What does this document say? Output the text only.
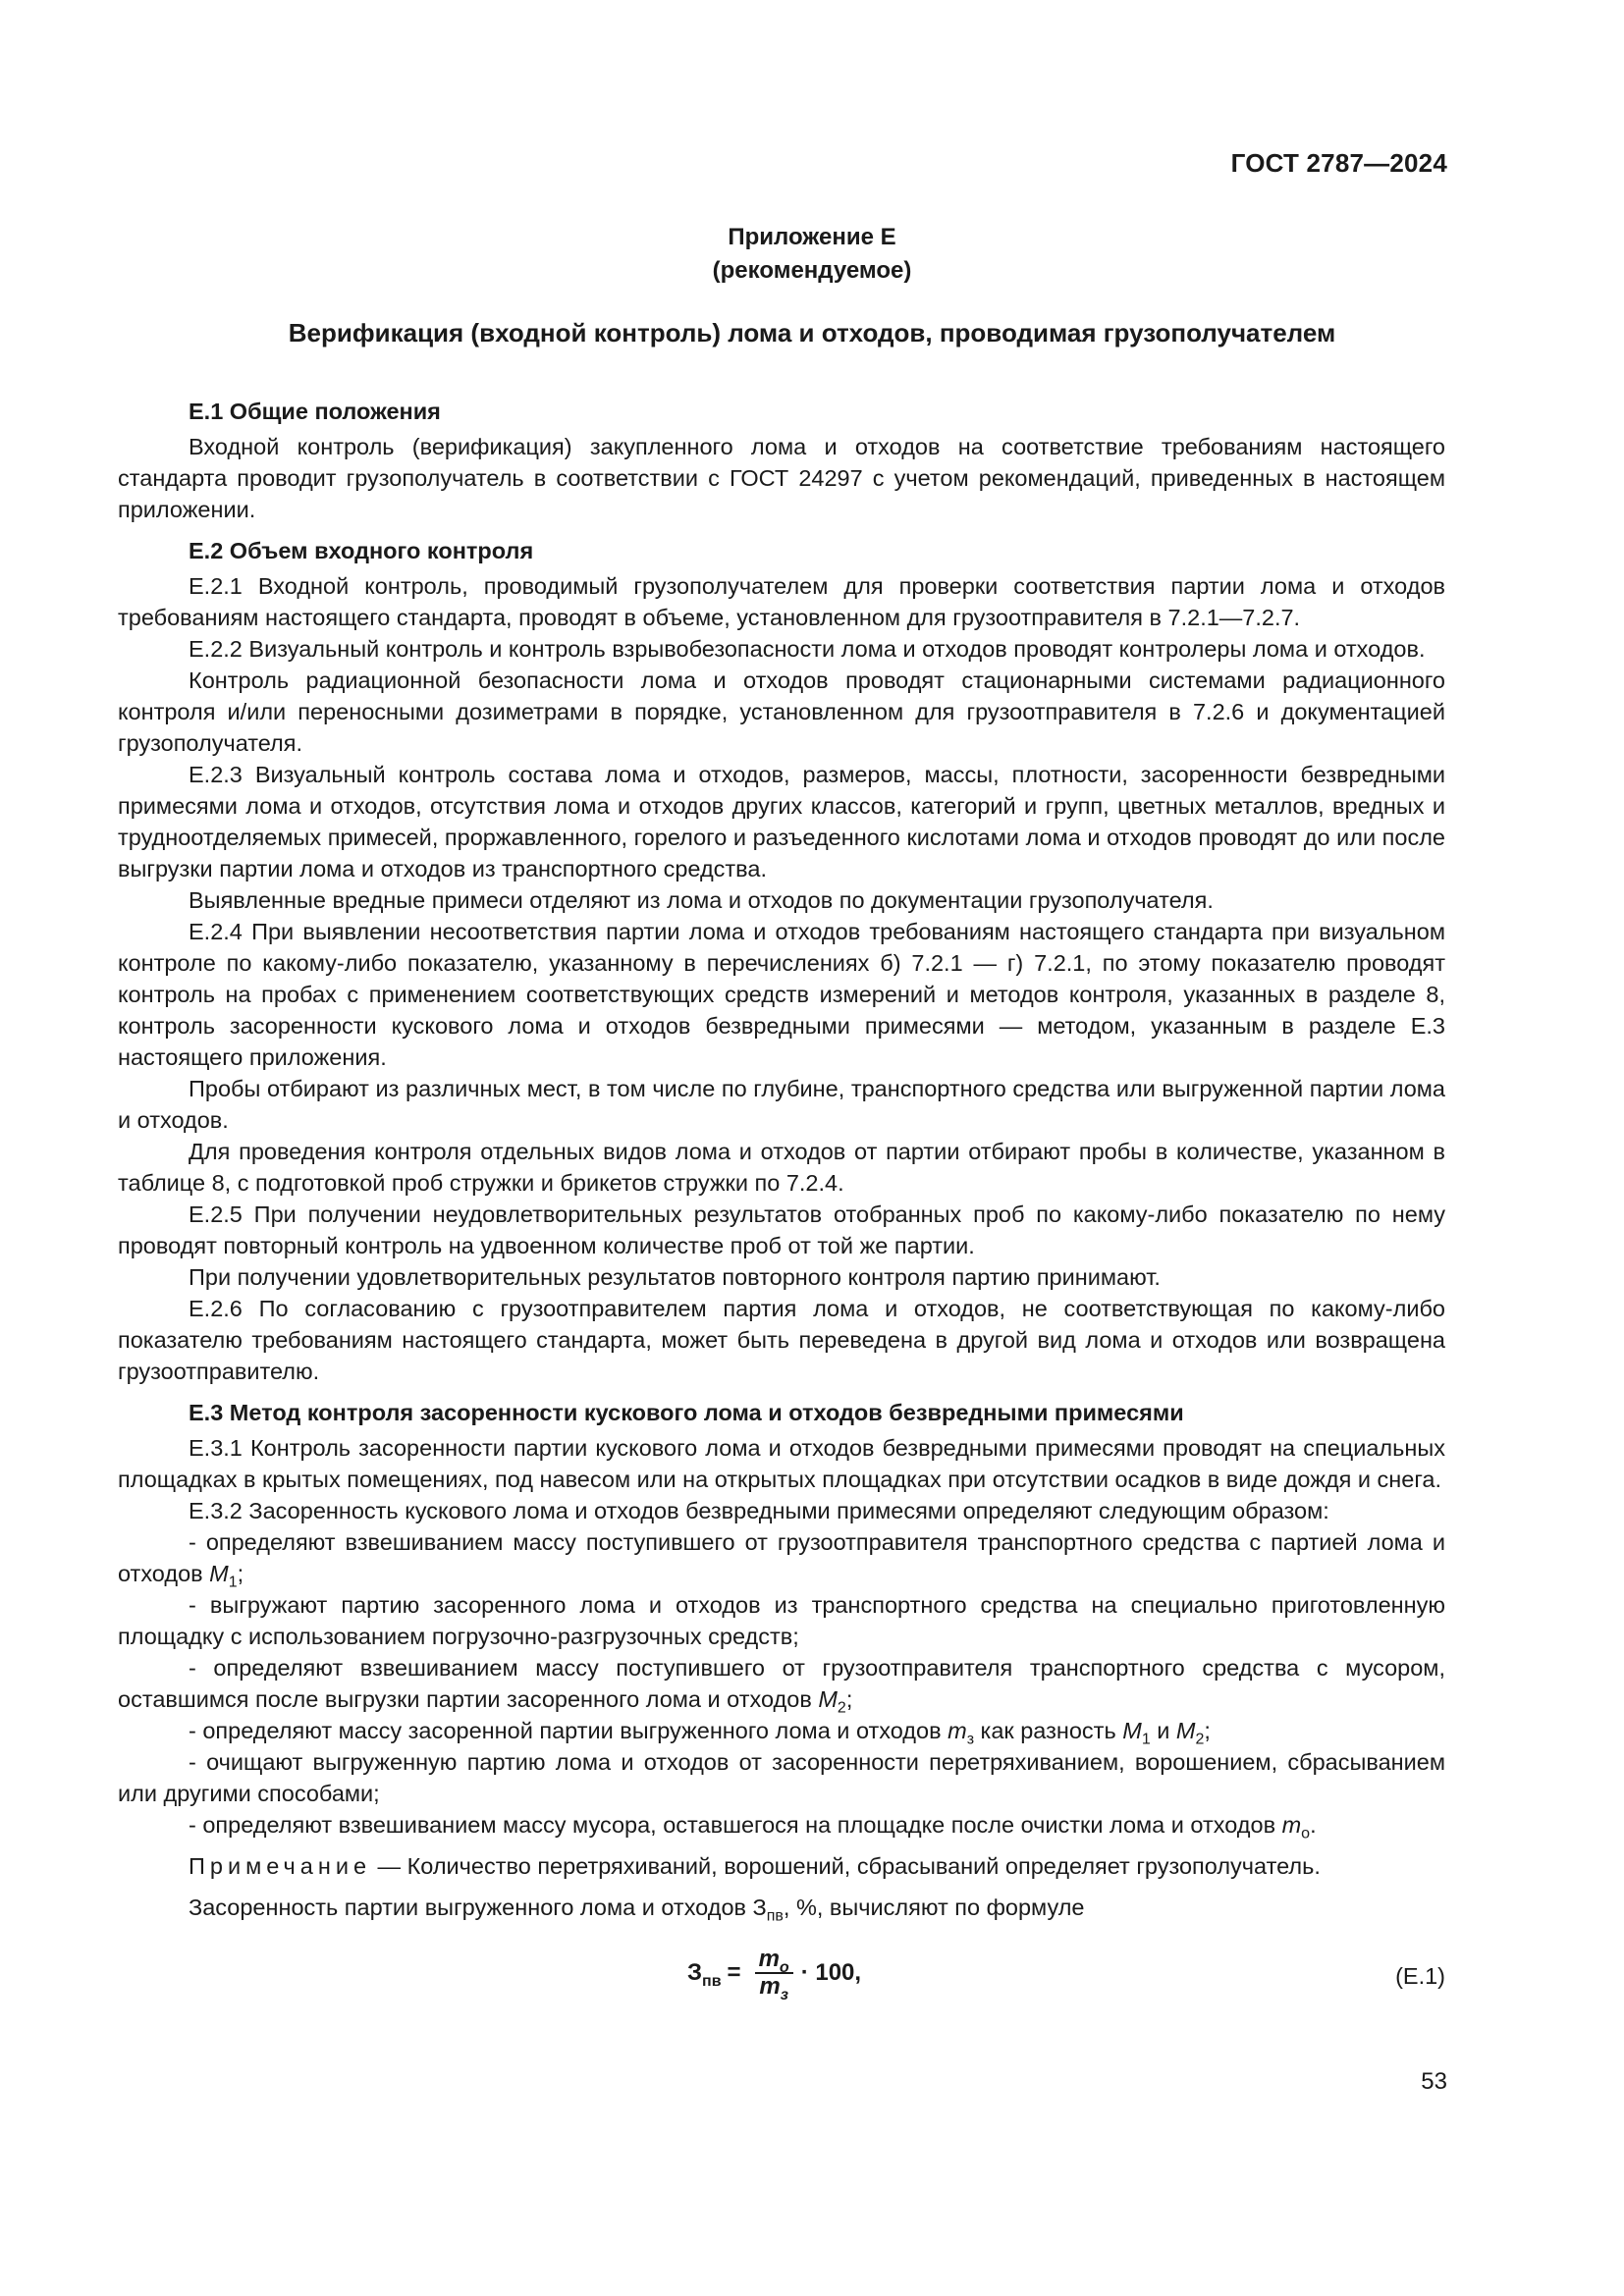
ГОСТ 2787—2024
Приложение Е
(рекомендуемое)
Верификация (входной контроль) лома и отходов, проводимая грузополучателем

Е.1 Общие положения

Входной контроль (верификация) закупленного лома и отходов на соответствие требованиям настоящего стандарта проводит грузополучатель в соответствии с ГОСТ 24297 с учетом рекомендаций, приведенных в настоящем приложении.

Е.2 Объем входного контроля

Е.2.1 Входной контроль, проводимый грузополучателем для проверки соответствия партии лома и отходов требованиям настоящего стандарта, проводят в объеме, установленном для грузоотправителя в 7.2.1—7.2.7.

Е.2.2 Визуальный контроль и контроль взрывобезопасности лома и отходов проводят контролеры лома и отходов.

Контроль радиационной безопасности лома и отходов проводят стационарными системами радиационного контроля и/или переносными дозиметрами в порядке, установленном для грузоотправителя в 7.2.6 и документацией грузополучателя.

Е.2.3 Визуальный контроль состава лома и отходов, размеров, массы, плотности, засоренности безвредными примесями лома и отходов, отсутствия лома и отходов других классов, категорий и групп, цветных металлов, вредных и трудноотделяемых примесей, проржавленного, горелого и разъеденного кислотами лома и отходов проводят до или после выгрузки партии лома и отходов из транспортного средства.

Выявленные вредные примеси отделяют из лома и отходов по документации грузополучателя.

Е.2.4 При выявлении несоответствия партии лома и отходов требованиям настоящего стандарта при визуальном контроле по какому-либо показателю, указанному в перечислениях б) 7.2.1 — г) 7.2.1, по этому показателю проводят контроль на пробах с применением соответствующих средств измерений и методов контроля, указанных в разделе 8, контроль засоренности кускового лома и отходов безвредными примесями — методом, указанным в разделе Е.3 настоящего приложения.

Пробы отбирают из различных мест, в том числе по глубине, транспортного средства или выгруженной партии лома и отходов.

Для проведения контроля отдельных видов лома и отходов от партии отбирают пробы в количестве, указанном в таблице 8, с подготовкой проб стружки и брикетов стружки по 7.2.4.

Е.2.5 При получении неудовлетворительных результатов отобранных проб по какому-либо показателю по нему проводят повторный контроль на удвоенном количестве проб от той же партии.

При получении удовлетворительных результатов повторного контроля партию принимают.

Е.2.6 По согласованию с грузоотправителем партия лома и отходов, не соответствующая по какому-либо показателю требованиям настоящего стандарта, может быть переведена в другой вид лома и отходов или возвращена грузоотправителю.

Е.3 Метод контроля засоренности кускового лома и отходов безвредными примесями

Е.3.1 Контроль засоренности партии кускового лома и отходов безвредными примесями проводят на специальных площадках в крытых помещениях, под навесом или на открытых площадках при отсутствии осадков в виде дождя и снега.

Е.3.2 Засоренность кускового лома и отходов безвредными примесями определяют следующим образом:

- определяют взвешиванием массу поступившего от грузоотправителя транспортного средства с партией лома и отходов $M_1$;

- выгружают партию засоренного лома и отходов из транспортного средства на специально приготовленную площадку с использованием погрузочно-разгрузочных средств;

- определяют взвешиванием массу поступившего от грузоотправителя транспортного средства с мусором, оставшимся после выгрузки партии засоренного лома и отходов $M_2$;

- определяют массу засоренной партии выгруженного лома и отходов $m_з$ как разность $M_1$ и $M_2$;

- очищают выгруженную партию лома и отходов от засоренности перетряхиванием, ворошением, сбрасыванием или другими способами;

- определяют взвешиванием массу мусора, оставшегося на площадке после очистки лома и отходов $m_о$.

Примечание — Количество перетряхиваний, ворошений, сбрасываний определяет грузополучатель.

Засоренность партии выгруженного лома и отходов $З_{пв}$, %, вычисляют по формуле

$З_{пв} = \frac{m_о}{m_з} \cdot 100$,	(Е.1)
53
